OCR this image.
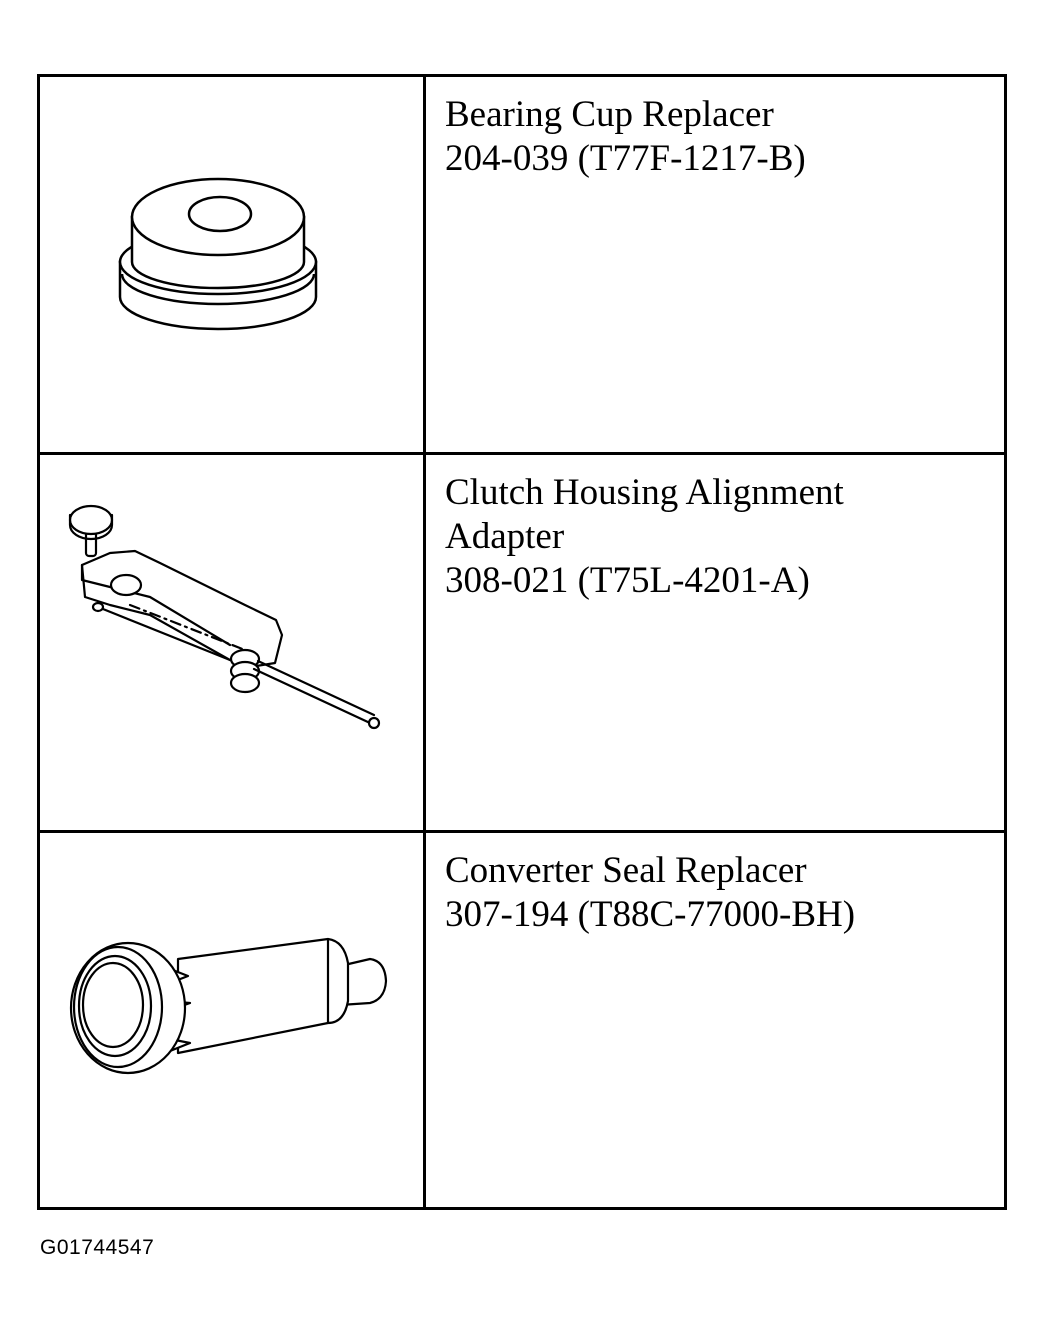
Bearing Cup Replacer
204-039 (T77F-1217-B)
Clutch Housing Alignment
Adapter
308-021 (T75L-4201-A)
Converter Seal Replacer
307-194 (T88C-77000-BH)
G01744547
